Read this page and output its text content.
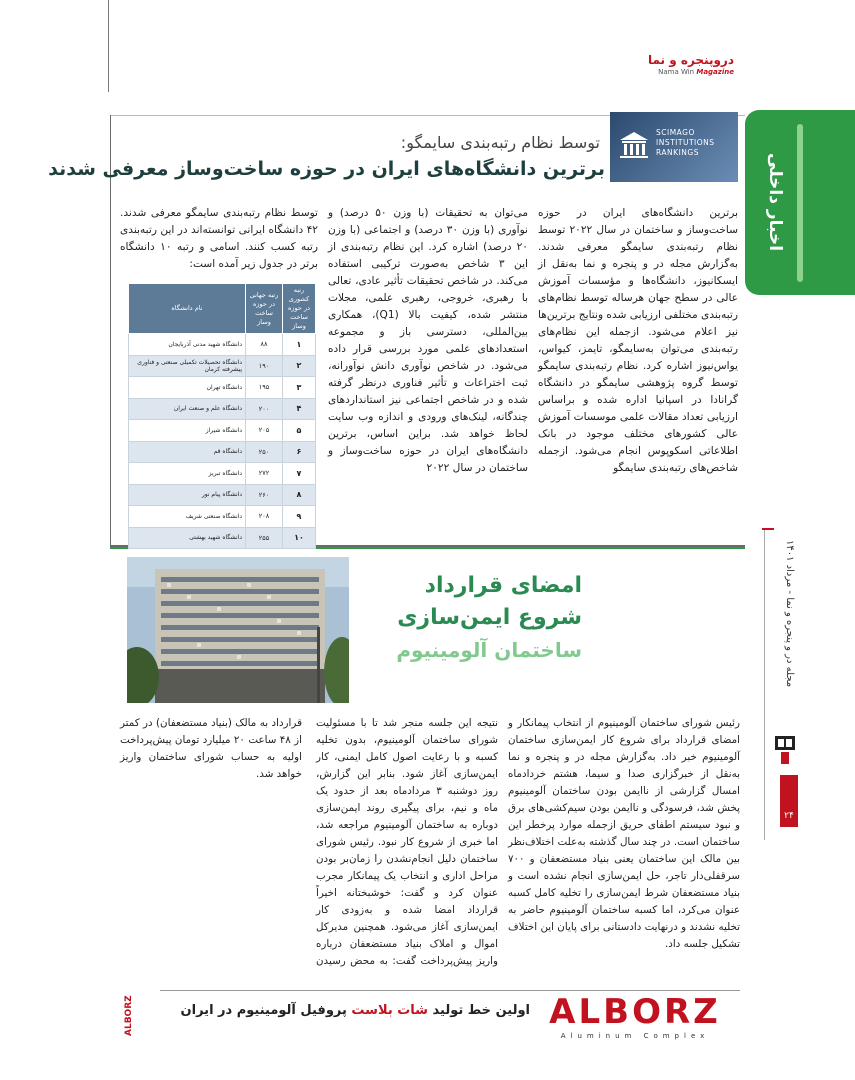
دروپنجره و نما
Nama Win Magazine
اخبار داخلی
SCIMAGO INSTITUTIONS RANKINGS
توسط نظام رتبه‌بندی سایمگو:
برترین دانشگاه‌های ایران در حوزه ساخت‌وساز معرفی شدند
برترین دانشگاه‌های ایران در حوزه ساخت‌وساز و ساختمان در سال ۲۰۲۲ توسط نظام رتبه‌بندی سایمگو معرفی شدند. به‌گزارش مجله در و پنجره و نما به‌نقل از ایسکانیوز، دانشگاه‌ها و مؤسسات آموزش عالی در سطح جهان هرساله توسط نظام‌های رتبه‌بندی مختلفی ارزیابی شده ونتایج برترین‌ها نیز اعلام می‌شود. ازجمله این نظام‌های رتبه‌بندی می‌توان به‌سایمگو، تایمز، کیواس، یواس‌نیوز اشاره کرد. نظام رتبه‌بندی سایمگو توسط گروه پژوهشی سایمگو در دانشگاه گرانادا در اسپانیا اداره شده و براساس ارزیابی تعداد مقالات علمی موسسات آموزش عالی کشورهای مختلف موجود در بانک اطلاعاتی اسکوپوس انجام می‌شود. ازجمله شاخص‌های رتبه‌بندی سایمگو
می‌توان به تحقیقات (با وزن ۵۰ درصد) و نوآوری (با وزن ۳۰ درصد) و اجتماعی (با وزن ۲۰ درصد) اشاره کرد. این نظام رتبه‌بندی از این ۳ شاخص به‌صورت ترکیبی استفاده می‌کند. در شاخص تحقیقات تأثیر عادی، تعالی با رهبری، خروجی، رهبری علمی، مجلات منتشر شده، کیفیت بالا (Q1)، همکاری بین‌المللی، دسترسی باز و مجموعه استعدادهای علمی مورد بررسی قرار داده می‌شود. در شاخص نوآوری دانش نوآورانه، ثبت اختراعات و تأثیر فناوری درنظر گرفته شده و در شاخص اجتماعی نیز استانداردهای چندگانه، لینک‌های ورودی و اندازه وب سایت لحاظ خواهد شد. براین اساس، برترین دانشگاه‌های ایران در حوزه ساخت‌وساز و ساختمان در سال ۲۰۲۲
توسط نظام رتبه‌بندی سایمگو معرفی شدند. ۴۲ دانشگاه ایرانی توانسته‌اند در این رتبه‌بندی رتبه کسب کنند. اسامی و رتبه ۱۰ دانشگاه برتر در جدول زیر آمده است:
رتبه کشوری در حوزه ساخت وساز	رتبه جهانی در حوزه ساخت وساز	نام دانشگاه
۱	۸۸	دانشگاه شهید مدنی آذربایجان
۲	۱۹۰	دانشگاه تحصیلات تکمیلی صنعتی و فناوری پیشرفته کرمان
۳	۱۹۵	دانشگاه تهران
۴	۲۰۰	دانشگاه علم و صنعت ایران
۵	۲۰۵	دانشگاه شیراز
۶	۲۵۰	دانشگاه قم
۷	۲۷۲	دانشگاه تبریز
۸	۲۶۰	دانشگاه پیام نور
۹	۲۰۸	دانشگاه صنعتی شریف
۱۰	۲۵۵	دانشگاه شهید بهشتی
مجله در و پنجره و نما - مرداد ۱۴۰۱
۲۴
امضای قرارداد
شروع ایمن‌سازی
ساختمان آلومینیوم
رئیس شورای ساختمان آلومینیوم از انتخاب پیمانکار و امضای قرارداد برای شروع کار ایمن‌سازی ساختمان آلومینیوم خبر داد. به‌گزارش مجله در و پنجره و نما به‌نقل از خبرگزاری صدا و سیما، هشتم خردادماه امسال گزارشی از ناایمن بودن ساختمان آلومینیوم پخش شد، فرسودگی و ناایمن بودن سیم‌کشی‌های برق و نبود سیستم اطفای حریق ازجمله موارد پرخطر این ساختمان است. در چند سال گذشته به‌علت اختلاف‌نظر بین مالک این ساختمان یعنی بنیاد مستضعفان و ۷۰۰ سرقفلی‌دار تاجر، حل ایمن‌سازی انجام نشده است و بنیاد مستضعفان شرط ایمن‌سازی را تخلیه کامل کسبه عنوان می‌کرد، اما کسبه ساختمان آلومینیوم حاضر به تخلیه نشدند و درنهایت دادستانی برای پایان این اختلاف تشکیل جلسه داد.
نتیجه این جلسه منجر شد تا با مسئولیت شورای ساختمان آلومینیوم، بدون تخلیه کسبه و با رعایت اصول کامل ایمنی، کار ایمن‌سازی آغاز شود. بنابر این گزارش، روز دوشنبه ۳ مردادماه بعد از حدود یک ماه و نیم، برای پیگیری روند ایمن‌سازی دوباره به ساختمان آلومینیوم مراجعه شد، اما خبری از شروع کار نبود. رئیس شورای ساختمان دلیل انجام‌نشدن را زمان‌بر بودن مراحل اداری و انتخاب یک پیمانکار مجرب عنوان کرد و گفت: خوشبختانه اخیراً قرارداد امضا شده و به‌زودی کار ایمن‌سازی آغاز می‌شود. همچنین مدیرکل اموال و املاک بنیاد مستضعفان درباره واریز پیش‌پرداخت گفت: به محض رسیدن قرارداد به مالک (بنیاد مستضعفان) در کمتر از ۴۸ ساعت ۲۰ میلیارد تومان پیش‌پرداخت اولیه به حساب شورای ساختمان واریز خواهد شد.
ALBORZ
Aluminum Complex
اولین خط تولید شات بلاست پروفیل آلومینیوم در ایران
ALBORZ
